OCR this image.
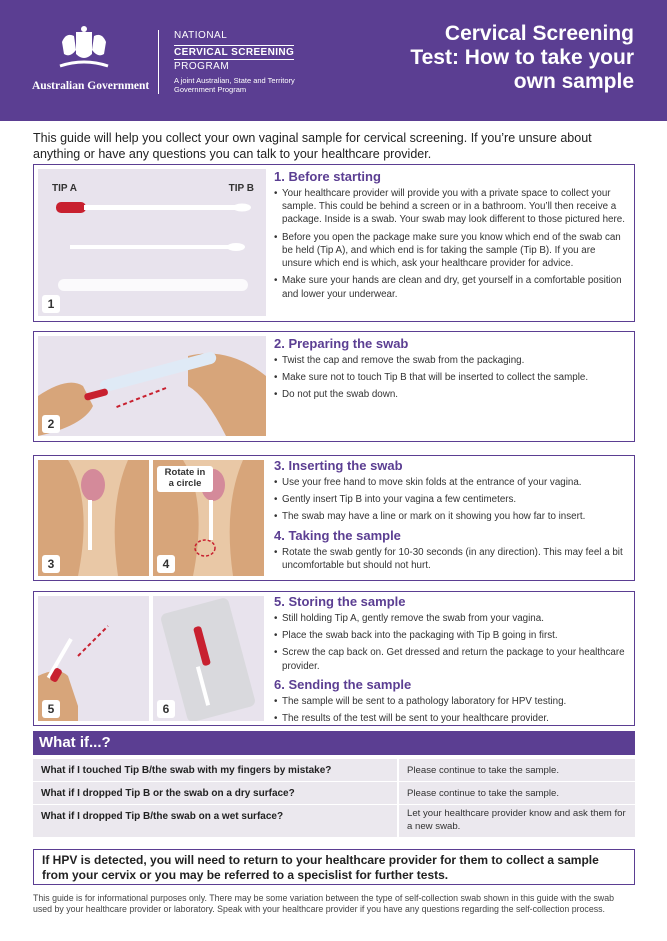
Australian Government
NATIONAL
CERVICAL SCREENING
PROGRAM
A joint Australian, State and Territory Government Program
Cervical Screening Test: How to take your own sample
This guide will help you collect your own vaginal sample for cervical screening. If you’re unsure about anything or have any questions you can talk to your healthcare provider.
TIP A	TIP B
1
1. Before starting
• Your healthcare provider will provide you with a private space to collect your sample. This could be behind a screen or in a bathroom. You’ll then receive a package. Inside is a swab. Your swab may look different to those pictured here.
• Before you open the package make sure you know which end of the swab can be held (Tip A), and which end is for taking the sample (Tip B). If you are unsure which end is which, ask your healthcare provider for advice.
• Make sure your hands are clean and dry, get yourself in a comfortable position and lower your underwear.
2
2. Preparing the swab
• Twist the cap and remove the swab from the packaging.
• Make sure not to touch Tip B that will be inserted to collect the sample.
• Do not put the swab down.
3
Rotate in a circle
4
3. Inserting the swab
• Use your free hand to move skin folds at the entrance of your vagina.
• Gently insert Tip B into your vagina a few centimeters.
• The swab may have a line or mark on it showing you how far to insert.
4. Taking the sample
• Rotate the swab gently for 10-30 seconds (in any direction). This may feel a bit uncomfortable but should not hurt.
5	6
5. Storing the sample
• Still holding Tip A, gently remove the swab from your vagina.
• Place the swab back into the packaging with Tip B going in first.
• Screw the cap back on. Get dressed and return the package to your healthcare provider.
6. Sending the sample
• The sample will be sent to a pathology laboratory for HPV testing.
• The results of the test will be sent to your healthcare provider.
What if...?
What if I touched Tip B/the swab with my fingers by mistake?	Please continue to take the sample.
What if I dropped Tip B or the swab on a dry surface?	Please continue to take the sample.
What if I dropped Tip B/the swab on a wet surface?	Let your healthcare provider know and ask them for a new swab.
If HPV is detected, you will need to return to your healthcare provider for them to collect a sample from your cervix or you may be referred to a specislist for further tests.
This guide is for informational purposes only. There may be some variation between the type of self-collection swab shown in this guide with the swab used by your healthcare provider or laboratory. Speak with your healthcare provider if you have any questions regarding the self-collection process.
